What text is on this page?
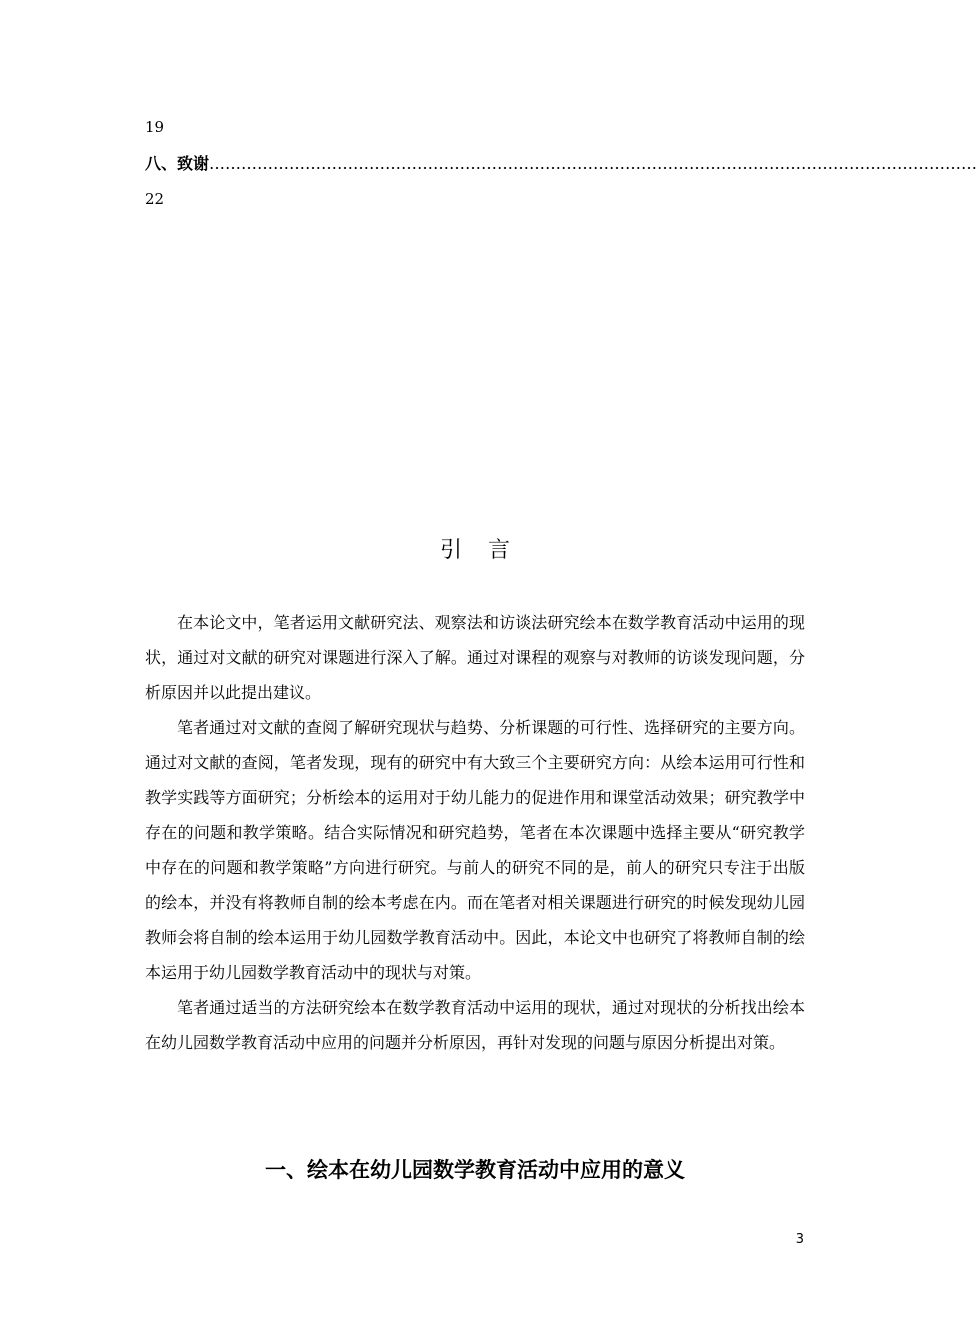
19
八、致谢………………………………………………………………………………………………………………………………
22
引言

在本论文中，笔者运用文献研究法、观察法和访谈法研究绘本在数学教育活动中运用的现状，通过对文献的研究对课题进行深入了解。通过对课程的观察与对教师的访谈发现问题，分析原因并以此提出建议。

笔者通过对文献的查阅了解研究现状与趋势、分析课题的可行性、选择研究的主要方向。通过对文献的查阅，笔者发现，现有的研究中有大致三个主要研究方向：从绘本运用可行性和教学实践等方面研究；分析绘本的运用对于幼儿能力的促进作用和课堂活动效果；研究教学中存在的问题和教学策略。结合实际情况和研究趋势，笔者在本次课题中选择主要从“研究教学中存在的问题和教学策略”方向进行研究。与前人的研究不同的是，前人的研究只专注于出版的绘本，并没有将教师自制的绘本考虑在内。而在笔者对相关课题进行研究的时候发现幼儿园教师会将自制的绘本运用于幼儿园数学教育活动中。因此，本论文中也研究了将教师自制的绘本运用于幼儿园数学教育活动中的现状与对策。

笔者通过适当的方法研究绘本在数学教育活动中运用的现状，通过对现状的分析找出绘本在幼儿园数学教育活动中应用的问题并分析原因，再针对发现的问题与原因分析提出对策。

一、绘本在幼儿园数学教育活动中应用的意义
3
